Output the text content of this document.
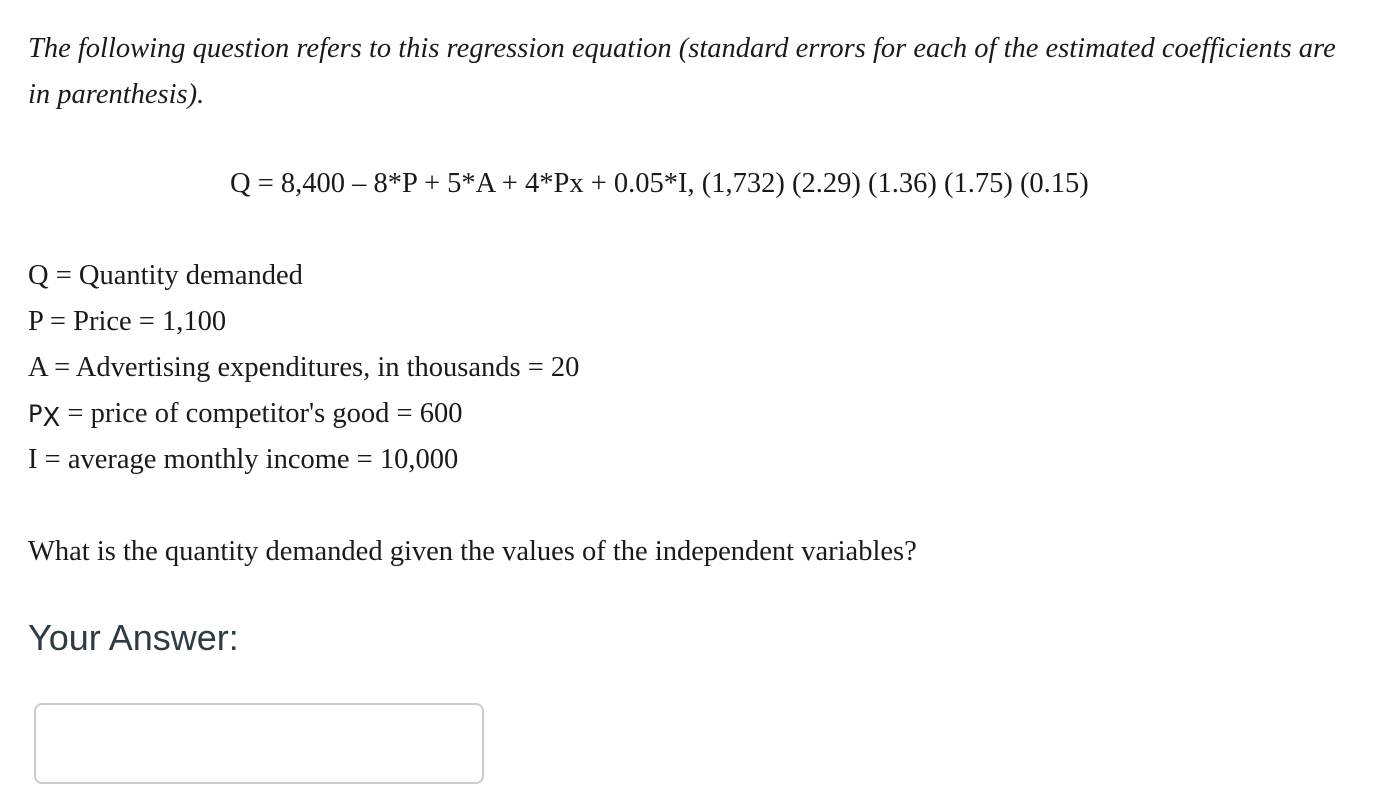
The following question refers to this regression equation (standard errors for each of the estimated coefficients are in parenthesis).

Q = 8,400 – 8*P + 5*A + 4*Px + 0.05*I, (1,732) (2.29) (1.36) (1.75) (0.15)
Q = Quantity demanded
P = Price = 1,100
A = Advertising expenditures, in thousands = 20
PX = price of competitor's good = 600
I = average monthly income = 10,000
What is the quantity demanded given the values of the independent variables?
Your Answer:
